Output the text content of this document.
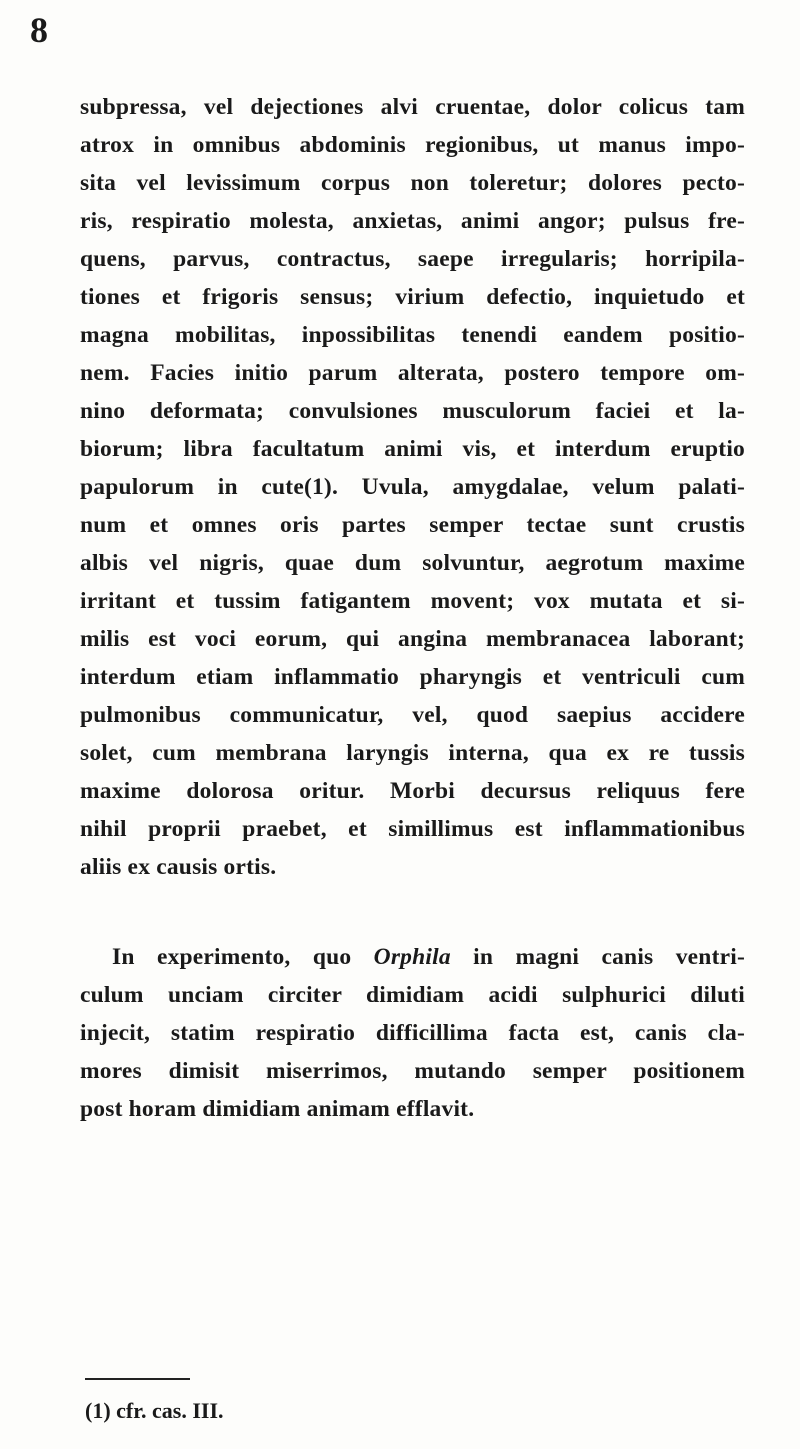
8
subpressa, vel dejectiones alvi cruentae, dolor colicus tam
atrox in omnibus abdominis regionibus, ut manus impo-
sita vel levissimum corpus non toleretur; dolores pecto-
ris, respiratio molesta, anxietas, animi angor; pulsus fre-
quens, parvus, contractus, saepe irregularis; horripila-
tiones et frigoris sensus; virium defectio, inquietudo et
magna mobilitas, inpossibilitas tenendi eandem positio-
nem. Facies initio parum alterata, postero tempore om-
nino deformata; convulsiones musculorum faciei et la-
biorum; libra facultatum animi vis, et interdum eruptio
papulorum in cute(1). Uvula, amygdalae, velum palati-
num et omnes oris partes semper tectae sunt crustis
albis vel nigris, quae dum solvuntur, aegrotum maxime
irritant et tussim fatigantem movent; vox mutata et si-
milis est voci eorum, qui angina membranacea laborant;
interdum etiam inflammatio pharyngis et ventriculi cum
pulmonibus communicatur, vel, quod saepius accidere
solet, cum membrana laryngis interna, qua ex re tussis
maxime dolorosa oritur. Morbi decursus reliquus fere
nihil proprii praebet, et simillimus est inflammationibus
aliis ex causis ortis.
In experimento, quo Orphila in magni canis ventri-
culum unciam circiter dimidiam acidi sulphurici diluti
injecit, statim respiratio difficillima facta est, canis cla-
mores dimisit miserrimos, mutando semper positionem
post horam dimidiam animam efflavit.
(1) cfr. cas. III.
